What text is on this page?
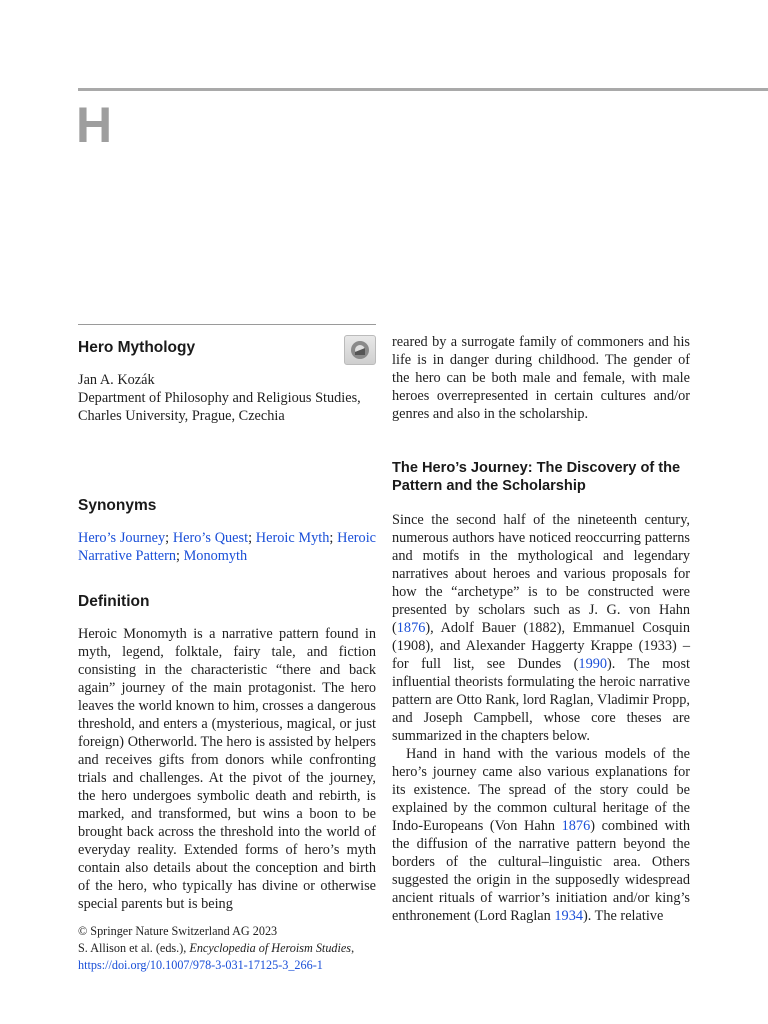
H
Hero Mythology

Jan A. Kozák

Department of Philosophy and Religious Studies,

Charles University, Prague, Czechia

Synonyms

Hero’s Journey; Hero’s Quest; Heroic Myth; Heroic Narrative Pattern; Monomyth

Definition

Heroic Monomyth is a narrative pattern found in myth, legend, folktale, fairy tale, and fiction consisting in the characteristic “there and back again” journey of the main protagonist. The hero leaves the world known to him, crosses a dangerous threshold, and enters a (mysterious, magical, or just foreign) Otherworld. The hero is assisted by helpers and receives gifts from donors while confronting trials and challenges. At the pivot of the journey, the hero undergoes symbolic death and rebirth, is marked, and transformed, but wins a boon to be brought back across the threshold into the world of everyday reality. Extended forms of hero’s myth contain also details about the conception and birth of the hero, who typically has divine or otherwise special parents but is being

reared by a surrogate family of commoners and his life is in danger during childhood. The gender of the hero can be both male and female, with male heroes overrepresented in certain cultures and/or genres and also in the scholarship.

The Hero’s Journey: The Discovery of the Pattern and the Scholarship

Since the second half of the nineteenth century, numerous authors have noticed reoccurring patterns and motifs in the mythological and legendary narratives about heroes and various proposals for how the “archetype” is to be constructed were presented by scholars such as J. G. von Hahn (1876), Adolf Bauer (1882), Emmanuel Cosquin (1908), and Alexander Haggerty Krappe (1933) – for full list, see Dundes (1990). The most influential theorists formulating the heroic narrative pattern are Otto Rank, lord Raglan, Vladimir Propp, and Joseph Campbell, whose core theses are summarized in the chapters below.

Hand in hand with the various models of the hero’s journey came also various explanations for its existence. The spread of the story could be explained by the common cultural heritage of the Indo-Europeans (Von Hahn 1876) combined with the diffusion of the narrative pattern beyond the borders of the cultural–linguistic area. Others suggested the origin in the supposedly widespread ancient rituals of warrior’s initiation and/or king’s enthronement (Lord Raglan 1934). The relative

© Springer Nature Switzerland AG 2023
S. Allison et al. (eds.), Encyclopedia of Heroism Studies,
https://doi.org/10.1007/978-3-031-17125-3_266-1
